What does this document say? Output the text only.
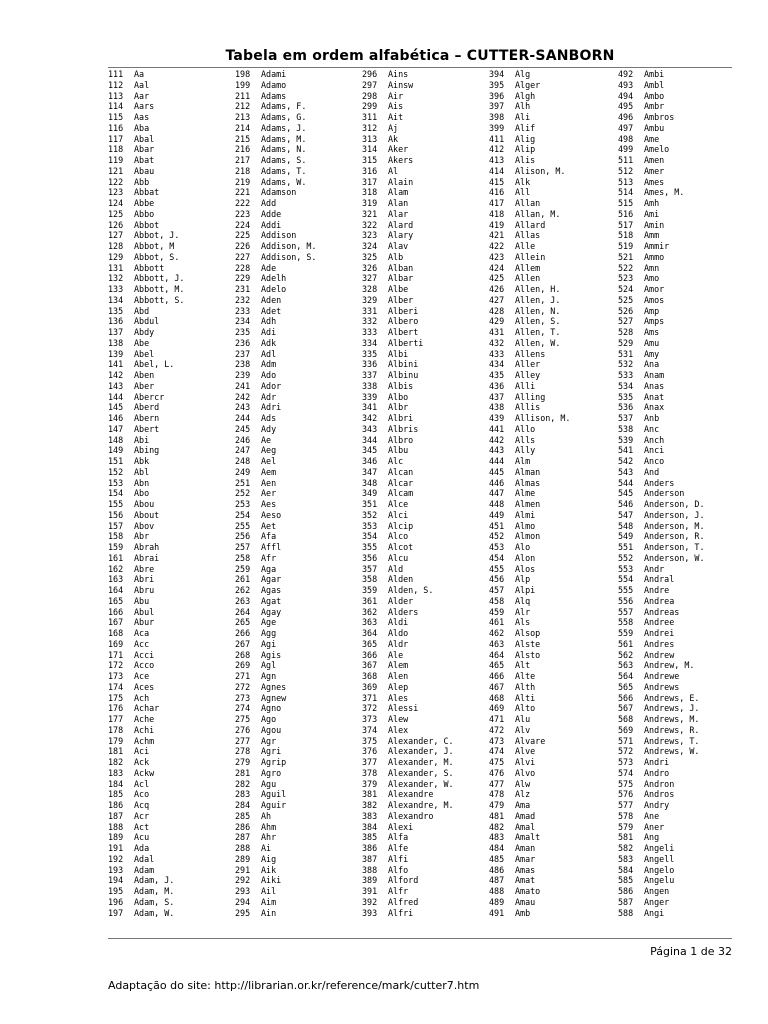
Tabela em ordem alfabética – CUTTER-SANBORN
111 Aa
112 Aal
113 Aar
114 Aars
115 Aas
116 Aba
117 Abal
118 Abar
119 Abat
121 Abau
122 Abb
123 Abbat
124 Abbe
125 Abbo
126 Abbot
127 Abbot, J.
128 Abbot, M
129 Abbot, S.
131 Abbott
132 Abbott, J.
133 Abbott, M.
134 Abbott, S.
135 Abd
136 Abdul
137 Abdy
138 Abe
139 Abel
141 Abel, L.
142 Aben
143 Aber
144 Abercr
145 Aberd
146 Abern
147 Abert
148 Abi
149 Abing
151 Abk
152 Abl
153 Abn
154 Abo
155 Abou
156 About
157 Abov
158 Abr
159 Abrah
161 Abrai
162 Abre
163 Abri
164 Abru
165 Abu
166 Abul
167 Abur
168 Aca
169 Acc
171 Acci
172 Acco
173 Ace
174 Aces
175 Ach
176 Achar
177 Ache
178 Achi
179 Achm
181 Aci
182 Ack
183 Ackw
184 Acl
185 Aco
186 Acq
187 Acr
188 Act
189 Acu
191 Ada
192 Adal
193 Adam
194 Adam, J.
195 Adam, M.
196 Adam, S.
197 Adam, W.
198 Adami
199 Adamo
211 Adams
212 Adams, F.
213 Adams, G.
214 Adams, J.
215 Adams, M.
216 Adams, N.
217 Adams, S.
218 Adams, T.
219 Adams, W.
221 Adamson
222 Add
223 Adde
224 Addi
225 Addison
226 Addison, M.
227 Addison, S.
228 Ade
229 Adelh
231 Adelo
232 Aden
233 Adet
234 Adh
235 Adi
236 Adk
237 Adl
238 Adm
239 Ado
241 Ador
242 Adr
243 Adri
244 Ads
245 Ady
246 Ae
247 Aeg
248 Ael
249 Aem
251 Aen
252 Aer
253 Aes
254 Aeso
255 Aet
256 Afa
257 Affl
258 Afr
259 Aga
261 Agar
262 Agas
263 Agat
264 Agay
265 Age
266 Agg
267 Agi
268 Agis
269 Agl
271 Agn
272 Agnes
273 Agnew
274 Agno
275 Ago
276 Agou
277 Agr
278 Agri
279 Agrip
281 Agro
282 Agu
283 Aguil
284 Aguir
285 Ah
286 Ahm
287 Ahr
288 Ai
289 Aig
291 Aik
292 Aiki
293 Ail
294 Aim
295 Ain
296 Ains
297 Ainsw
298 Air
299 Ais
311 Ait
312 Aj
313 Ak
314 Aker
315 Akers
316 Al
317 Alain
318 Alam
319 Alan
321 Alar
322 Alard
323 Alary
324 Alav
325 Alb
326 Alban
327 Albar
328 Albe
329 Alber
331 Alberi
332 Albero
333 Albert
334 Alberti
335 Albi
336 Albini
337 Albinu
338 Albis
339 Albo
341 Albr
342 Albri
343 Albris
344 Albro
345 Albu
346 Alc
347 Alcan
348 Alcar
349 Alcam
351 Alce
352 Alci
353 Alcip
354 Alco
355 Alcot
356 Alcu
357 Ald
358 Alden
359 Alden, S.
361 Alder
362 Alders
363 Aldi
364 Aldo
365 Aldr
366 Ale
367 Alem
368 Alen
369 Alep
371 Ales
372 Alessi
373 Alew
374 Alex
375 Alexander, C.
376 Alexander, J.
377 Alexander, M.
378 Alexander, S.
379 Alexander, W.
381 Alexandre
382 Alexandre, M.
383 Alexandro
384 Alexi
385 Alfa
386 Alfe
387 Alfi
388 Alfo
389 Alford
391 Alfr
392 Alfred
393 Alfri
394 Alg
395 Alger
396 Algh
397 Alh
398 Ali
399 Alif
411 Alig
412 Alip
413 Alis
414 Alison, M.
415 Alk
416 All
417 Allan
418 Allan, M.
419 Allard
421 Allas
422 Alle
423 Allein
424 Allem
425 Allen
426 Allen, H.
427 Allen, J.
428 Allen, N.
429 Allen, S.
431 Allen, T.
432 Allen, W.
433 Allens
434 Aller
435 Alley
436 Alli
437 Alling
438 Allis
439 Allison, M.
441 Allo
442 Alls
443 Ally
444 Alm
445 Alman
446 Almas
447 Alme
448 Almen
449 Almi
451 Almo
452 Almon
453 Alo
454 Alon
455 Alos
456 Alp
457 Alpi
458 Alq
459 Alr
461 Als
462 Alsop
463 Alste
464 Alsto
465 Alt
466 Alte
467 Alth
468 Alti
469 Alto
471 Alu
472 Alv
473 Alvare
474 Alve
475 Alvi
476 Alvo
477 Alw
478 Alz
479 Ama
481 Amad
482 Amal
483 Amalt
484 Aman
485 Amar
486 Amas
487 Amat
488 Amato
489 Amau
491 Amb
492 Ambi
493 Ambl
494 Ambo
495 Ambr
496 Ambros
497 Ambu
498 Ame
499 Amelo
511 Amen
512 Amer
513 Ames
514 Ames, M.
515 Amh
516 Ami
517 Amin
518 Amm
519 Ammir
521 Ammo
522 Amn
523 Amo
524 Amor
525 Amos
526 Amp
527 Amps
528 Ams
529 Amu
531 Amy
532 Ana
533 Anam
534 Anas
535 Anat
536 Anax
537 Anb
538 Anc
539 Anch
541 Anci
542 Anco
543 And
544 Anders
545 Anderson
546 Anderson, D.
547 Anderson, J.
548 Anderson, M.
549 Anderson, R.
551 Anderson, T.
552 Anderson, W.
553 Andr
554 Andral
555 Andre
556 Andrea
557 Andreas
558 Andree
559 Andrei
561 Andres
562 Andrew
563 Andrew, M.
564 Andrewe
565 Andrews
566 Andrews, E.
567 Andrews, J.
568 Andrews, M.
569 Andrews, R.
571 Andrews, T.
572 Andrews, W.
573 Andri
574 Andro
575 Andron
576 Andros
577 Andry
578 Ane
579 Aner
581 Ang
582 Angeli
583 Angell
584 Angelo
585 Angelu
586 Angen
587 Anger
588 Angi
Página 1 de 32
Adaptação do site: http://librarian.or.kr/reference/mark/cutter7.htm
